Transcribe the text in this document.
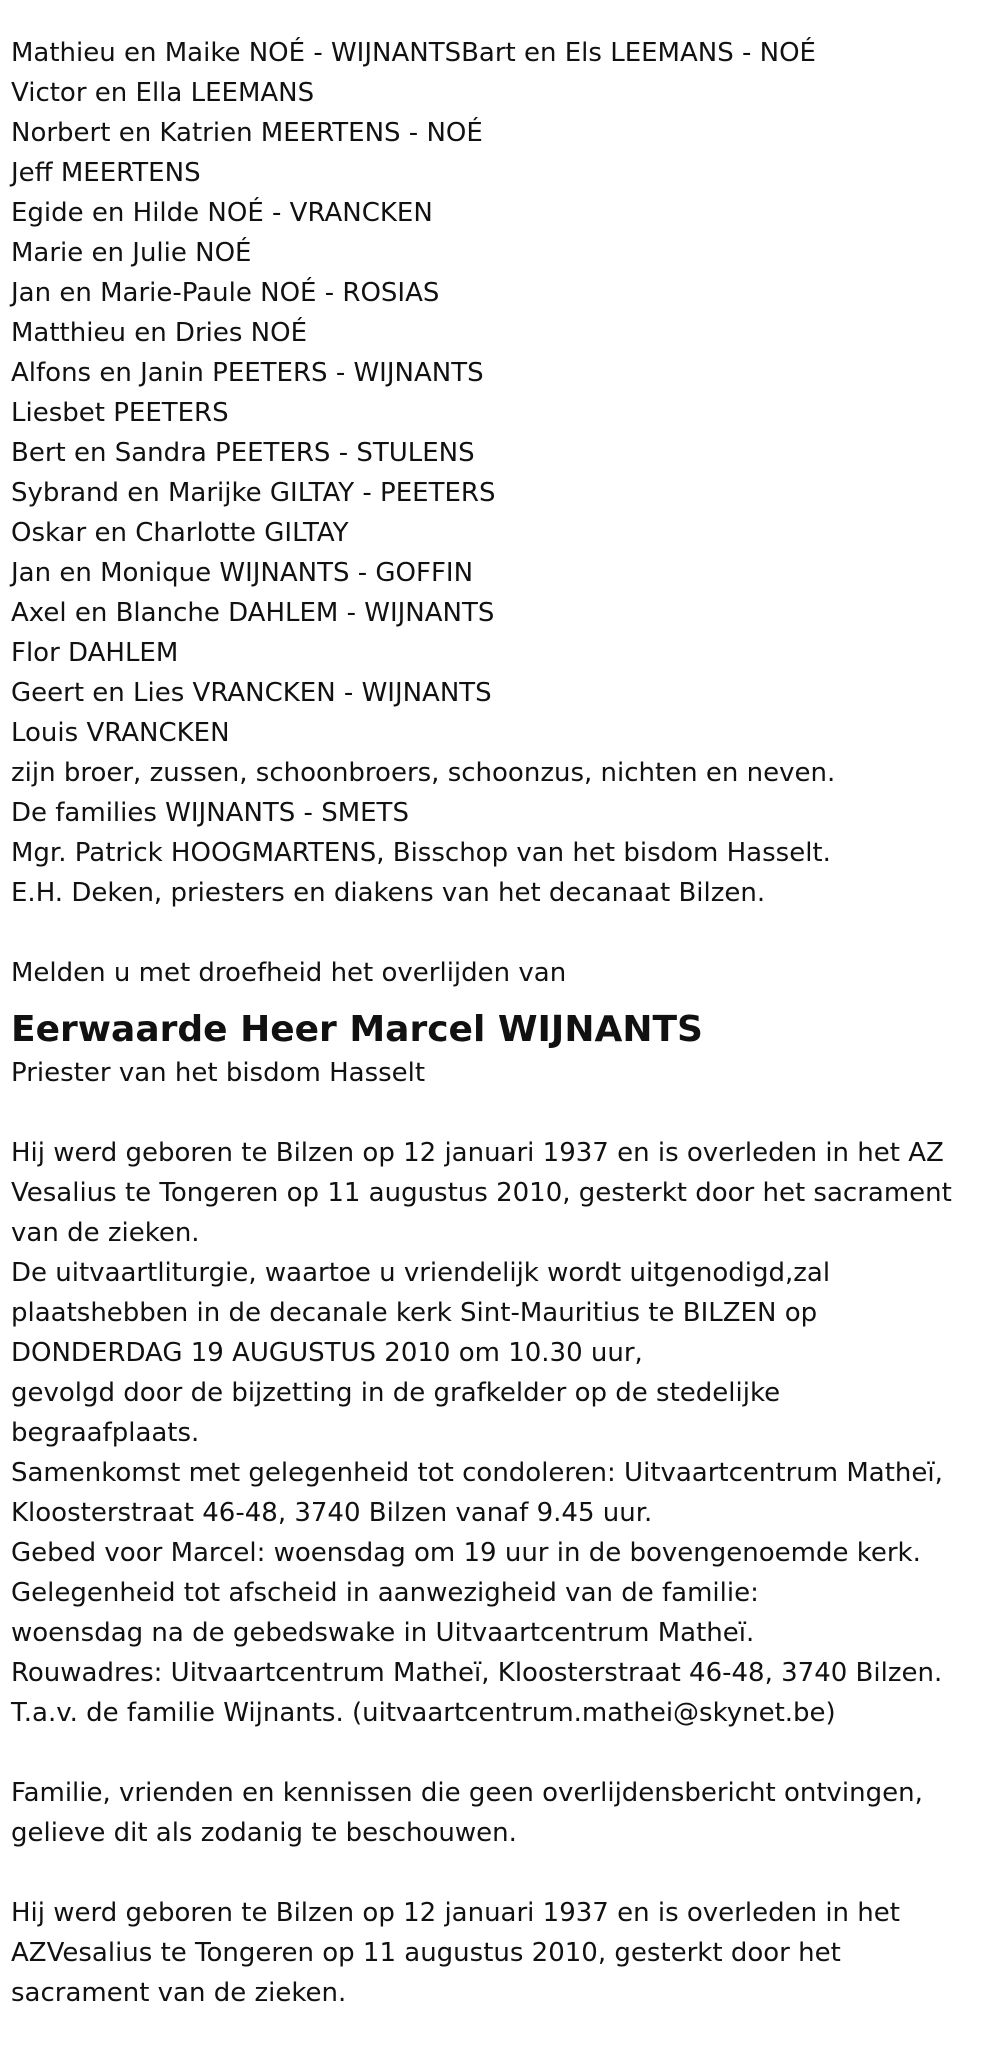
Mathieu en Maike NOÉ - WIJNANTSBart en Els LEEMANS - NOÉ

Victor en Ella LEEMANS

Norbert en Katrien MEERTENS - NOÉ

Jeff MEERTENS

Egide en Hilde NOÉ - VRANCKEN

Marie en Julie NOÉ

Jan en Marie-Paule NOÉ - ROSIAS

Matthieu en Dries NOÉ

Alfons en Janin PEETERS - WIJNANTS

Liesbet PEETERS

Bert en Sandra PEETERS - STULENS

Sybrand en Marijke GILTAY - PEETERS

Oskar en Charlotte GILTAY

Jan en Monique WIJNANTS - GOFFIN

Axel en Blanche DAHLEM - WIJNANTS

Flor DAHLEM

Geert en Lies VRANCKEN - WIJNANTS

Louis VRANCKEN

zijn broer, zussen, schoonbroers, schoonzus, nichten en neven.

De families WIJNANTS - SMETS

Mgr. Patrick HOOGMARTENS, Bisschop van het bisdom Hasselt.

E.H. Deken, priesters en diakens van het decanaat Bilzen.

Melden u met droefheid het overlijden van

Eerwaarde Heer Marcel WIJNANTS

Priester van het bisdom Hasselt

Hij werd geboren te Bilzen op 12 januari 1937 en is overleden in het AZ

Vesalius te Tongeren op 11 augustus 2010, gesterkt door het sacrament

van de zieken.

De uitvaartliturgie, waartoe u vriendelijk wordt uitgenodigd,zal

plaatshebben in de decanale kerk Sint-Mauritius te BILZEN op

DONDERDAG 19 AUGUSTUS 2010 om 10.30 uur,

gevolgd door de bijzetting in de grafkelder op de stedelijke

begraafplaats.

Samenkomst met gelegenheid tot condoleren: Uitvaartcentrum Matheï,

Kloosterstraat 46-48, 3740 Bilzen vanaf 9.45 uur.

Gebed voor Marcel: woensdag om 19 uur in de bovengenoemde kerk.

Gelegenheid tot afscheid in aanwezigheid van de familie:

woensdag na de gebedswake in Uitvaartcentrum Matheï.

Rouwadres: Uitvaartcentrum Matheï, Kloosterstraat 46-48, 3740 Bilzen.

T.a.v. de familie Wijnants. (uitvaartcentrum.mathei@skynet.be)

Familie, vrienden en kennissen die geen overlijdensbericht ontvingen,

gelieve dit als zodanig te beschouwen.

Hij werd geboren te Bilzen op 12 januari 1937 en is overleden in het

AZVesalius te Tongeren op 11 augustus 2010, gesterkt door het

sacrament van de zieken.
